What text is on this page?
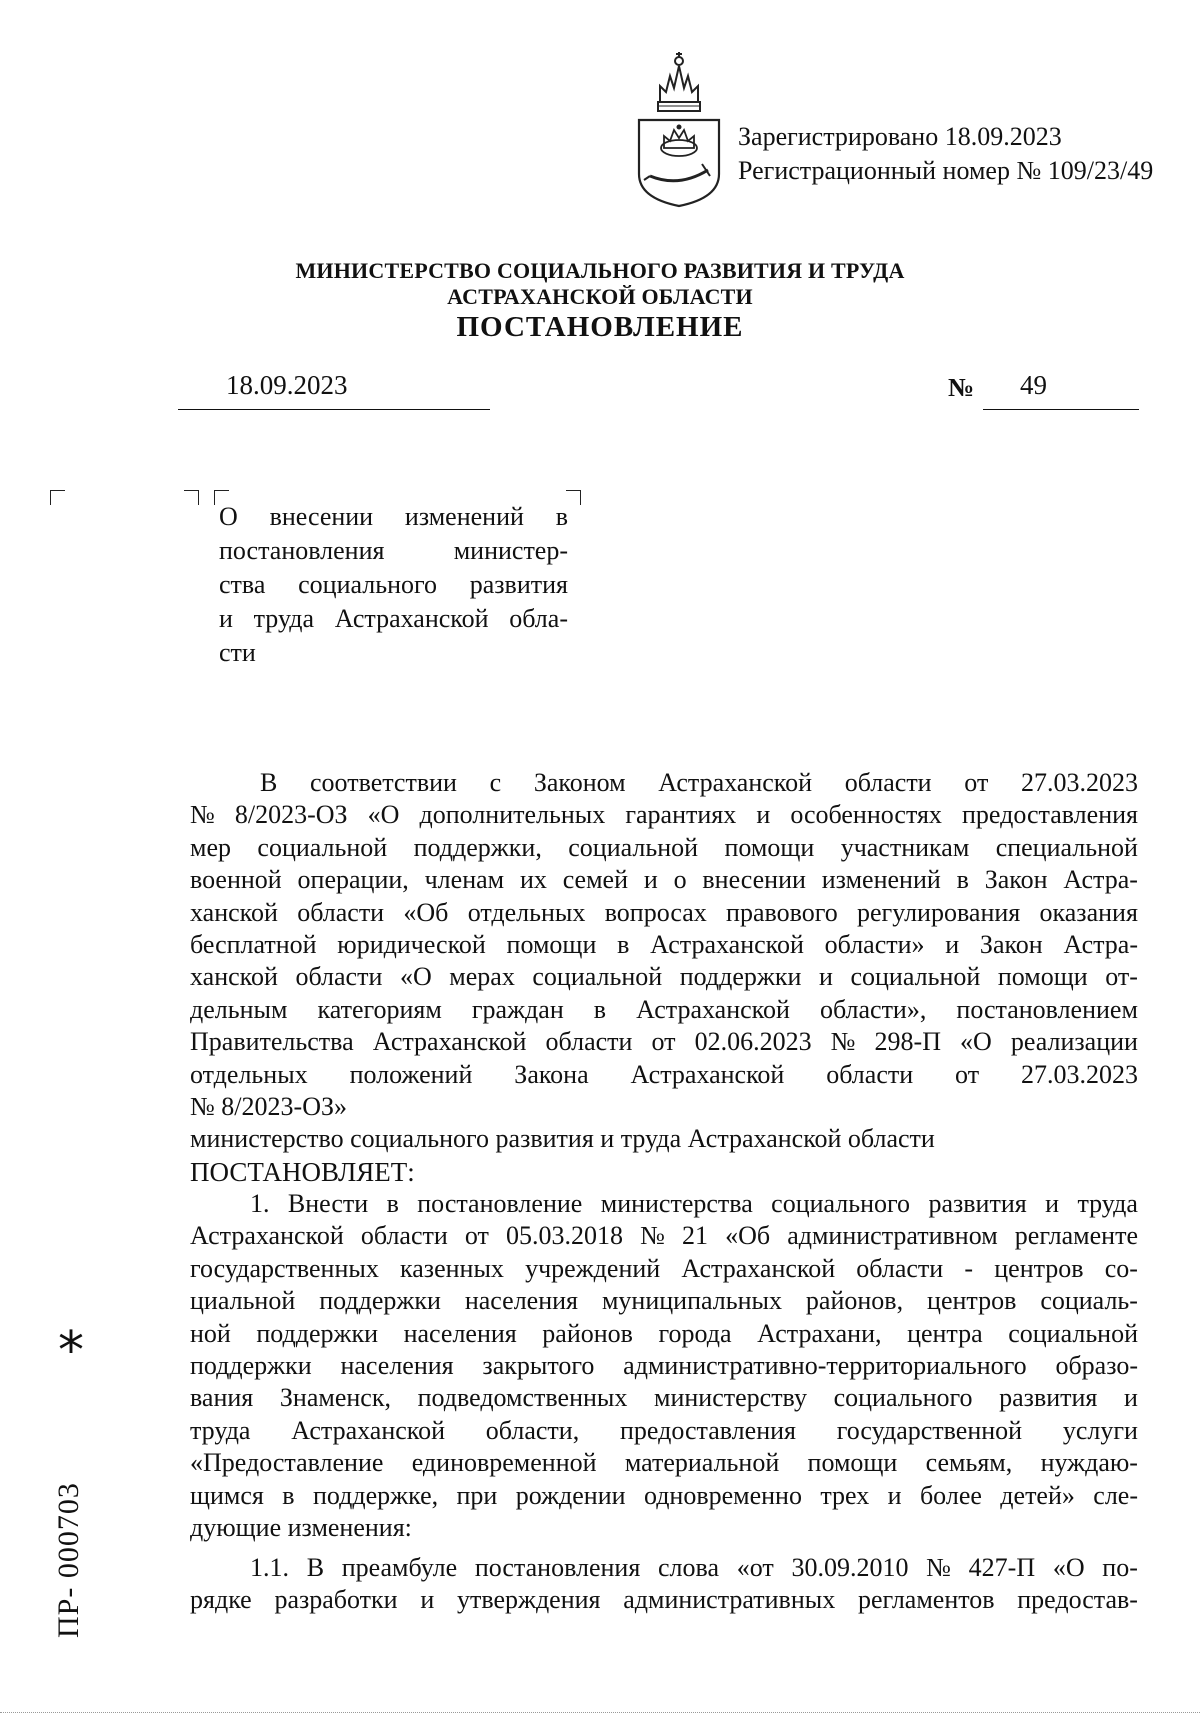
Зарегистрировано 18.09.2023
Регистрационный номер № 109/23/49
МИНИСТЕРСТВО СОЦИАЛЬНОГО РАЗВИТИЯ И ТРУДА
АСТРАХАНСКОЙ ОБЛАСТИ
ПОСТАНОВЛЕНИЕ
18.09.2023	№ 49
О внесении изменений в
постановления	министер-
ства социального развития
и труда Астраханской обла-
сти
В соответствии с Законом Астраханской области от 27.03.2023
№ 8/2023-ОЗ «О дополнительных гарантиях и особенностях предоставления
мер социальной поддержки, социальной помощи участникам специальной
военной операции, членам их семей и о внесении изменений в Закон Астра-
ханской области «Об отдельных вопросах правового регулирования оказания
бесплатной юридической помощи в Астраханской области» и Закон Астра-
ханской области «О мерах социальной поддержки и социальной помощи от-
дельным категориям граждан в Астраханской области», постановлением
Правительства Астраханской области от 02.06.2023 № 298-П «О реализации
отдельных положений Закона Астраханской области от 27.03.2023
№ 8/2023-ОЗ»
министерство социального развития и труда Астраханской области
ПОСТАНОВЛЯЕТ:
1. Внести в постановление министерства социального развития и труда
Астраханской области от 05.03.2018 № 21 «Об административном регламенте
государственных казенных учреждений Астраханской области - центров со-
циальной поддержки населения муниципальных районов, центров социаль-
ной поддержки населения районов города Астрахани, центра социальной
поддержки населения закрытого административно-территориального образо-
вания Знаменск, подведомственных министерству социального развития и
труда Астраханской области, предоставления государственной услуги
«Предоставление единовременной материальной помощи семьям, нуждаю-
щимся в поддержке, при рождении одновременно трех и более детей» сле-
дующие изменения:
1.1. В преамбуле постановления слова «от 30.09.2010 № 427-П «О по-
рядке разработки и утверждения административных регламентов предостав-
*
ПР- 000703
